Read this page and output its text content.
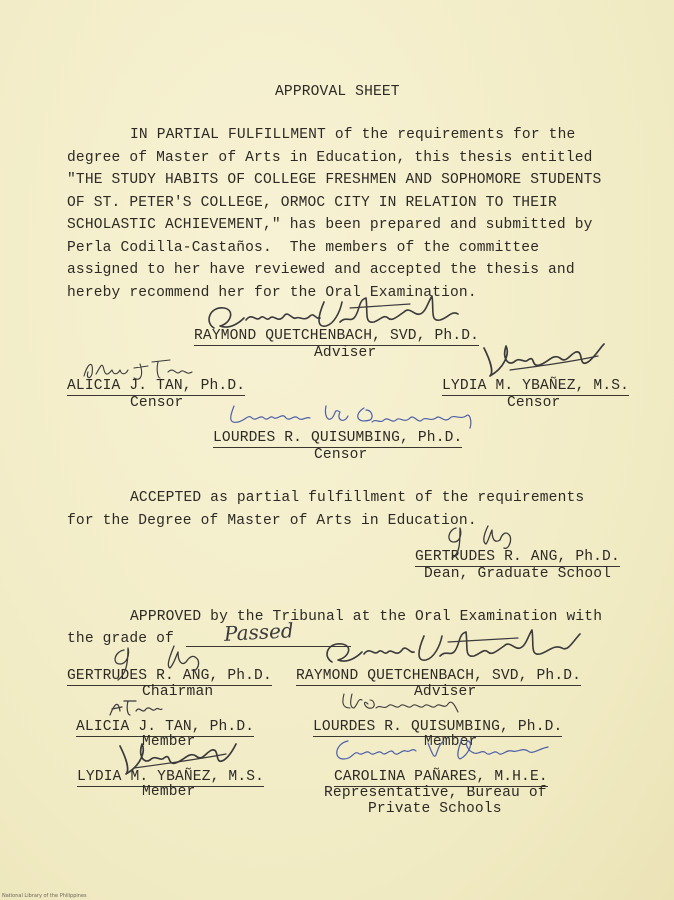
APPROVAL SHEET
IN PARTIAL FULFILLMENT of the requirements for the
degree of Master of Arts in Education, this thesis entitled
"THE STUDY HABITS OF COLLEGE FRESHMEN AND SOPHOMORE STUDENTS
OF ST. PETER'S COLLEGE, ORMOC CITY IN RELATION TO THEIR
SCHOLASTIC ACHIEVEMENT," has been prepared and submitted by
Perla Codilla-Castaños.  The members of the committee
assigned to her have reviewed and accepted the thesis and
hereby recommend her for the Oral Examination.
RAYMOND QUETCHENBACH, SVD, Ph.D.
Adviser
ALICIA J. TAN, Ph.D.
Censor
LYDIA M. YBAÑEZ, M.S.
Censor
LOURDES R. QUISUMBING, Ph.D.
Censor
ACCEPTED as partial fulfillment of the requirements
for the Degree of Master of Arts in Education.
GERTRUDES R. ANG, Ph.D.
Dean, Graduate School
APPROVED by the Tribunal at the Oral Examination with
the grade of Passed
GERTRUDES R. ANG, Ph.D.
Chairman
RAYMOND QUETCHENBACH, SVD, Ph.D.
Adviser
ALICIA J. TAN, Ph.D.
Member
LOURDES R. QUISUMBING, Ph.D.
Member
LYDIA M. YBAÑEZ, M.S.
Member
CAROLINA PAÑARES, M.H.E.
Representative, Bureau of
Private Schools
National Library of the Philippines
